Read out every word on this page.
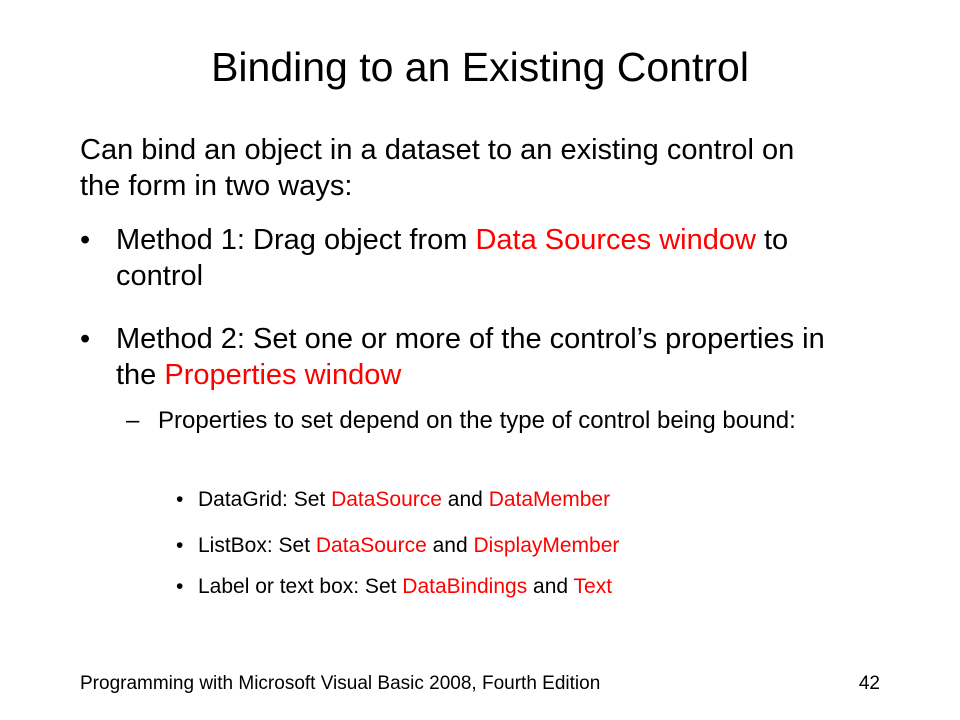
Binding to an Existing Control
Can bind an object in a dataset to an existing control on the form in two ways:
• Method 1: Drag object from Data Sources window to control
• Method 2: Set one or more of the control’s properties in the Properties window
– Properties to set depend on the type of control being bound:
• DataGrid: Set DataSource and DataMember
• ListBox: Set DataSource and DisplayMember
• Label or text box: Set DataBindings and Text
Programming with Microsoft Visual Basic 2008, Fourth Edition	42
